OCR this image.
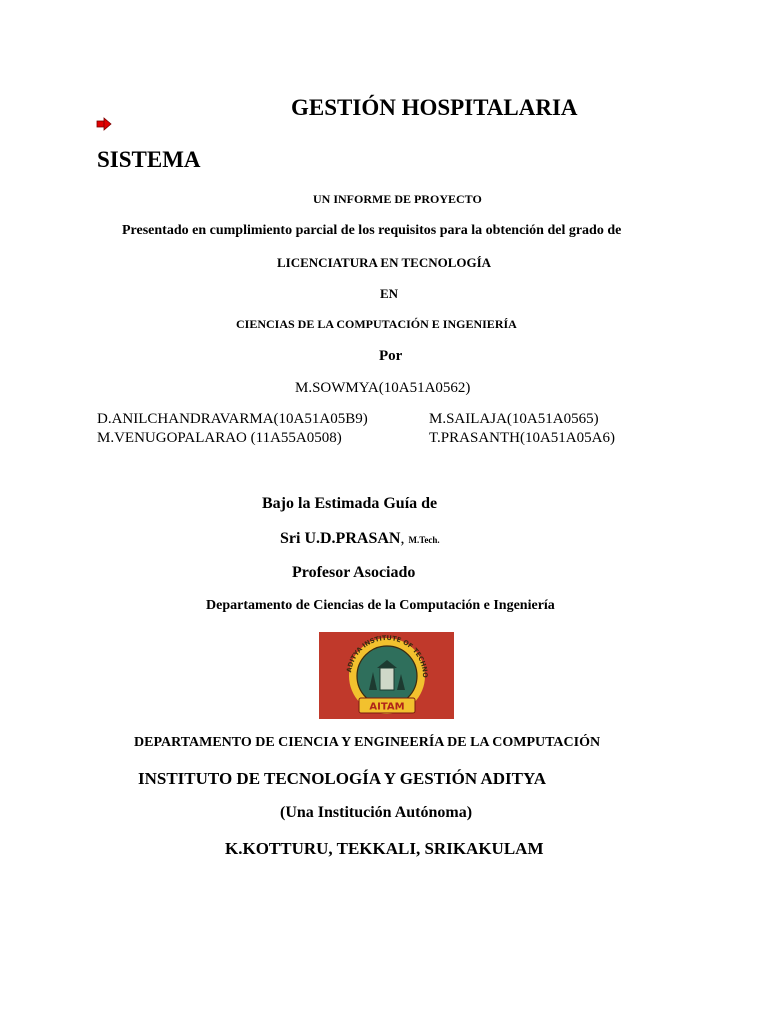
GESTIÓN HOSPITALARIA
SISTEMA
UN INFORME DE PROYECTO
Presentado en cumplimiento parcial de los requisitos para la obtención del grado de
LICENCIATURA EN TECNOLOGÍA
EN
CIENCIAS DE LA COMPUTACIÓN E INGENIERÍA
Por
M.SOWMYA(10A51A0562)
D.ANILCHANDRAVARMA(10A51A05B9)	M.SAILAJA(10A51A0565)
M.VENUGOPALARAO (11A55A0508)	T.PRASANTH(10A51A05A6)
Bajo la Estimada Guía de
Sri U.D.PRASAN, M.Tech.
Profesor Asociado
Departamento de Ciencias de la Computación e Ingeniería
ADITYA INSTITUTE OF TECHNO
AITAM
DEPARTAMENTO DE CIENCIA Y ENGINEERÍA DE LA COMPUTACIÓN
INSTITUTO DE TECNOLOGÍA Y GESTIÓN ADITYA
(Una Institución Autónoma)
K.KOTTURU, TEKKALI, SRIKAKULAM
